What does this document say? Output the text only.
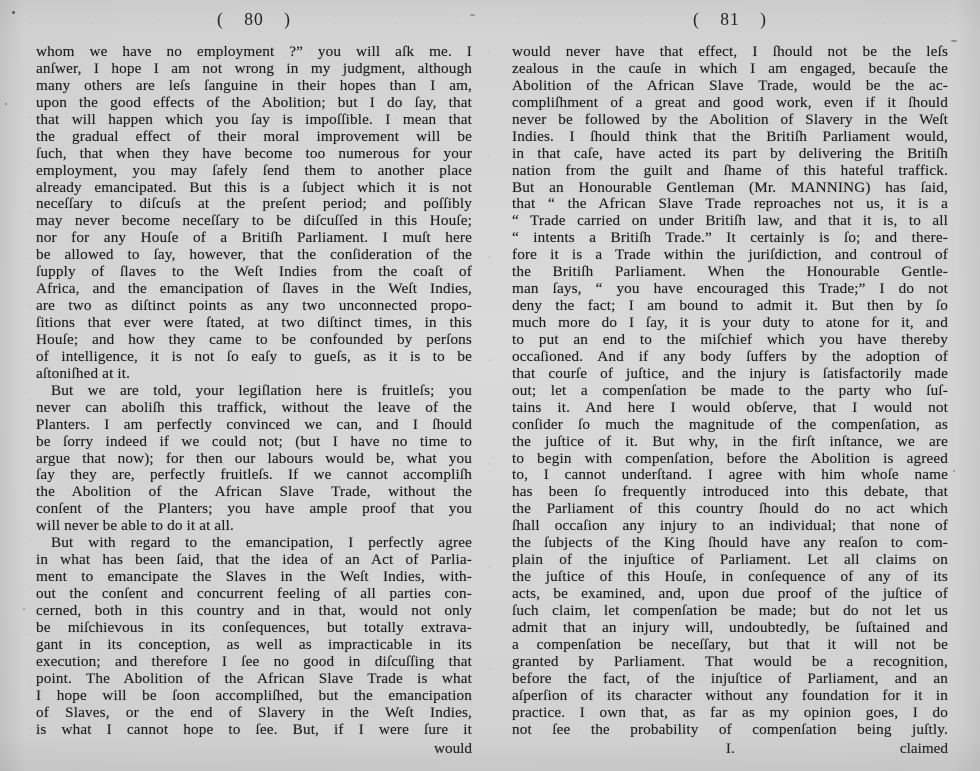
( 80 )
whom we have no employment ?” you will aſk me. I
anſwer, I hope I am not wrong in my judgment, although
many others are leſs ſanguine in their hopes than I am,
upon the good effects of the Abolition; but I do ſay, that
that will happen which you ſay is impoſſible. I mean that
the gradual effect of their moral improvement will be
ſuch, that when they have become too numerous for your
employment, you may ſafely ſend them to another place
already emancipated. But this is a ſubject which it is not
neceſſary to diſcuſs at the preſent period; and poſſibly
may never become neceſſary to be diſcuſſed in this Houſe;
nor for any Houſe of a Britiſh Parliament. I muſt here
be allowed to ſay, however, that the conſideration of the
ſupply of ſlaves to the Weſt Indies from the coaſt of
Africa, and the emancipation of ſlaves in the Weſt Indies,
are two as diſtinct points as any two unconnected propo-
ſitions that ever were ſtated, at two diſtinct times, in this
Houſe; and how they came to be confounded by perſons
of intelligence, it is not ſo eaſy to gueſs, as it is to be
aſtoniſhed at it.
But we are told, your legiſlation here is fruitleſs; you
never can aboliſh this traffick, without the leave of the
Planters. I am perfectly convinced we can, and I ſhould
be ſorry indeed if we could not; (but I have no time to
argue that now); for then our labours would be, what you
ſay they are, perfectly fruitleſs. If we cannot accompliſh
the Abolition of the African Slave Trade, without the
conſent of the Planters; you have ample proof that you
will never be able to do it at all.
But with regard to the emancipation, I perfectly agree
in what has been ſaid, that the idea of an Act of Parlia-
ment to emancipate the Slaves in the Weſt Indies, with-
out the conſent and concurrent feeling of all parties con-
cerned, both in this country and in that, would not only
be miſchievous in its conſequences, but totally extrava-
gant in its conception, as well as impracticable in its
execution; and therefore I ſee no good in diſcuſſing that
point. The Abolition of the African Slave Trade is what
I hope will be ſoon accompliſhed, but the emancipation
of Slaves, or the end of Slavery in the Weſt Indies,
is what I cannot hope to ſee. But, if I were ſure it
would
( 81 )
would never have that effect, I ſhould not be the leſs
zealous in the cauſe in which I am engaged, becauſe the
Abolition of the African Slave Trade, would be the ac-
compliſhment of a great and good work, even if it ſhould
never be followed by the Abolition of Slavery in the Weſt
Indies. I ſhould think that the Britiſh Parliament would,
in that caſe, have acted its part by delivering the Britiſh
nation from the guilt and ſhame of this hateful traffick.
But an Honourable Gentleman (Mr. MANNING) has ſaid,
that “ the African Slave Trade reproaches not us, it is a
“ Trade carried on under Britiſh law, and that it is, to all
“ intents a Britiſh Trade.” It certainly is ſo; and there-
fore it is a Trade within the juriſdiction, and controul of
the Britiſh Parliament. When the Honourable Gentle-
man ſays, “ you have encouraged this Trade;” I do not
deny the fact; I am bound to admit it. But then by ſo
much more do I ſay, it is your duty to atone for it, and
to put an end to the miſchief which you have thereby
occaſioned. And if any body ſuffers by the adoption of
that courſe of juſtice, and the injury is ſatisfactorily made
out; let a compenſation be made to the party who ſuſ-
tains it. And here I would obſerve, that I would not
conſider ſo much the magnitude of the compenſation, as
the juſtice of it. But why, in the firſt inſtance, we are
to begin with compenſation, before the Abolition is agreed
to, I cannot underſtand. I agree with him whoſe name
has been ſo frequently introduced into this debate, that
the Parliament of this country ſhould do no act which
ſhall occaſion any injury to an individual; that none of
the ſubjects of the King ſhould have any reaſon to com-
plain of the injuſtice of Parliament. Let all claims on
the juſtice of this Houſe, in conſequence of any of its
acts, be examined, and, upon due proof of the juſtice of
ſuch claim, let compenſation be made; but do not let us
admit that an injury will, undoubtedly, be ſuſtained and
a compenſation be neceſſary, but that it will not be
granted by Parliament. That would be a recognition,
before the fact, of the injuſtice of Parliament, and an
aſperſion of its character without any foundation for it in
practice. I own that, as far as my opinion goes, I do
not ſee the probability of compenſation being juſtly.
I.	claimed
